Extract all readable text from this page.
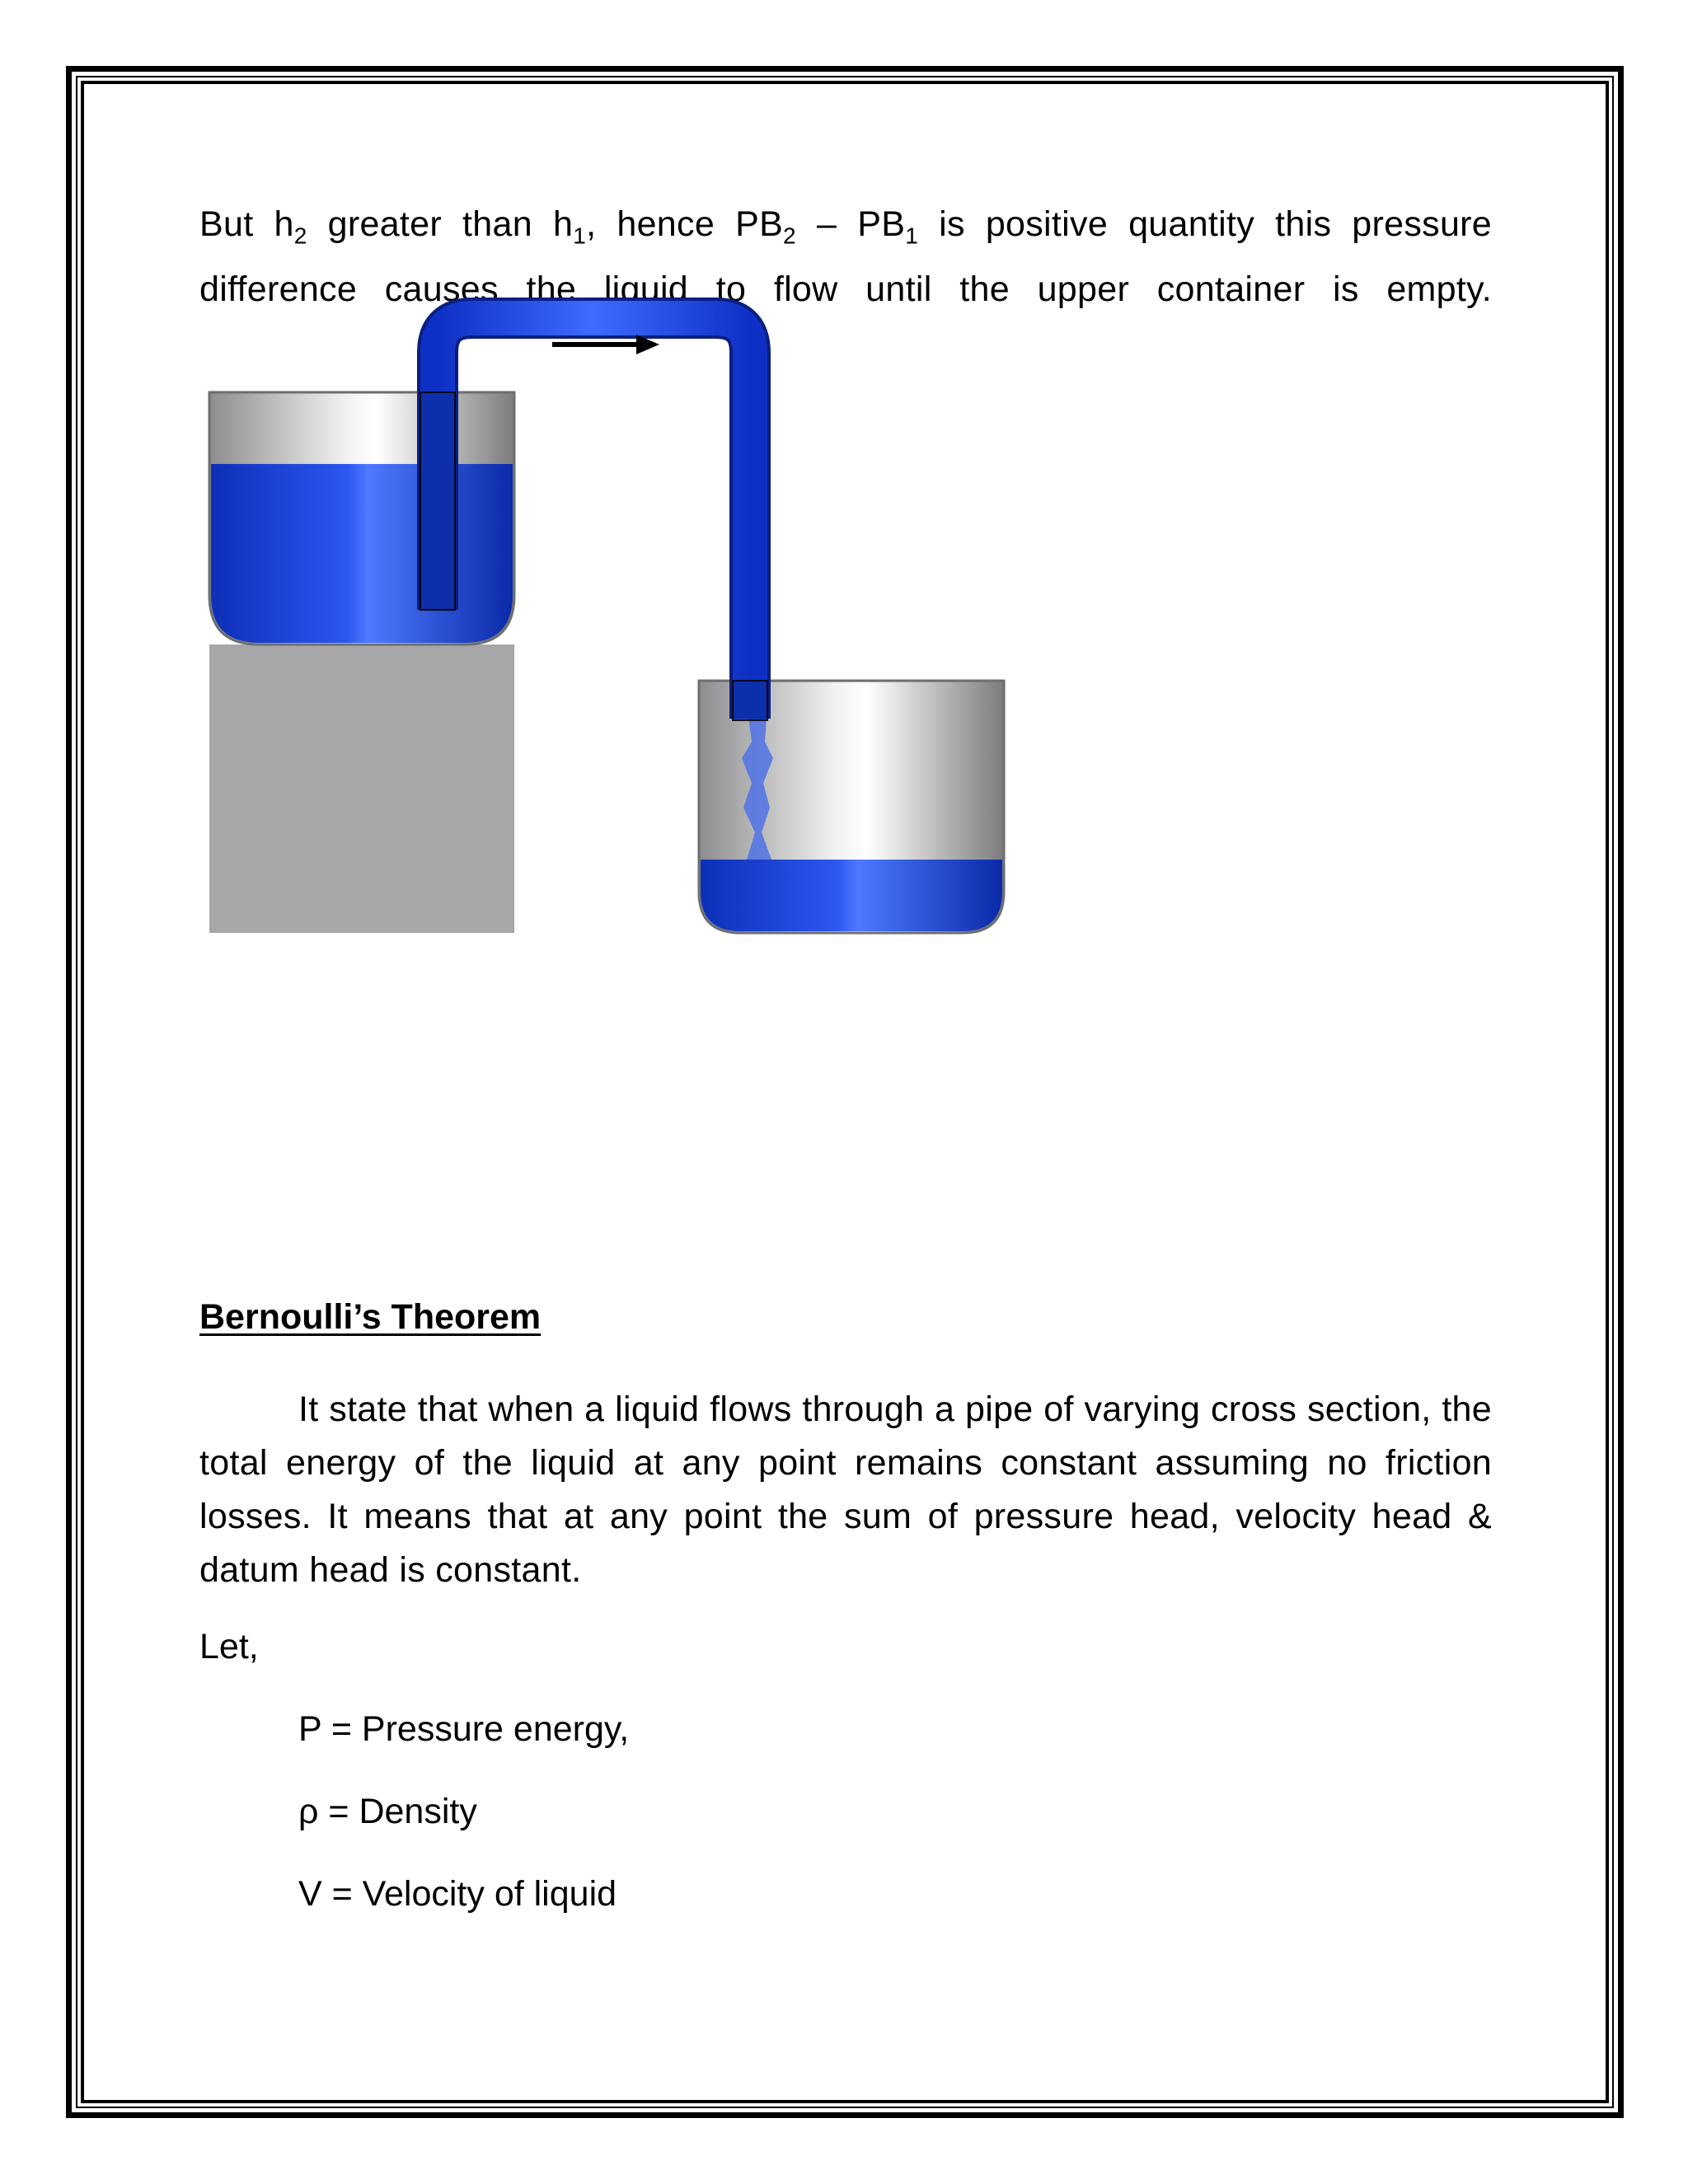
But $h_2$ greater than $h_1$, hence $PB_2 - PB_1$ is positive quantity this pressure difference causes the liquid to flow until the upper container is empty.

Bernoulli’s Theorem

It state that when a liquid flows through a pipe of varying cross section, the total energy of the liquid at any point remains constant assuming no friction losses. It means that at any point the sum of pressure head, velocity head & datum head is constant.

Let,
P = Pressure energy,
ρ = Density
V = Velocity of liquid
